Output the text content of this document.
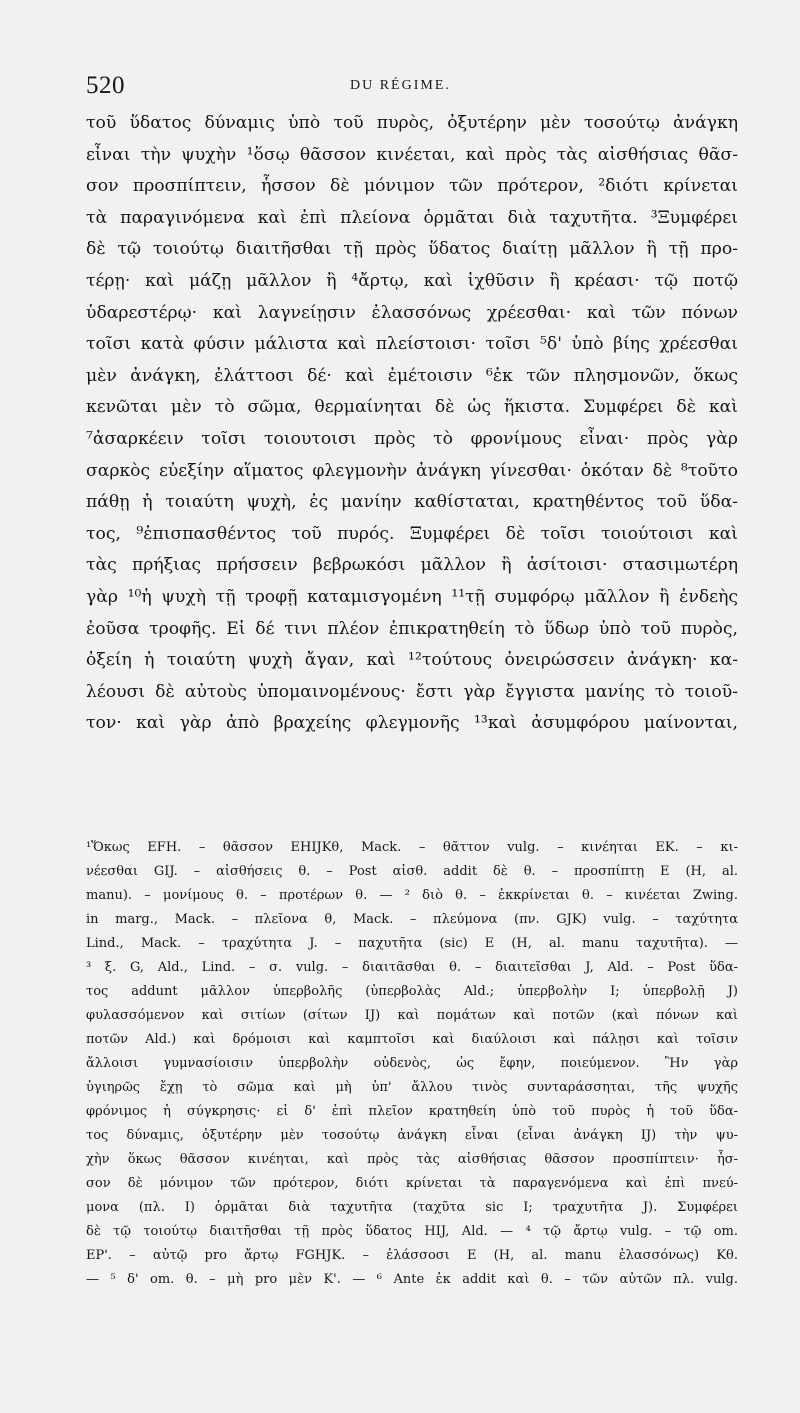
520	DU RÉGIME.
τοῦ ὕδατος δύναμις ὑπὸ τοῦ πυρὸς, ὀξυτέρην μὲν τοσούτῳ ἀνάγκη
εἶναι τὴν ψυχὴν ¹ὅσῳ θᾶσσον κινέεται, καὶ πρὸς τὰς αἰσθήσιας θᾶσ-
σον προσπίπτειν, ἧσσον δὲ μόνιμον τῶν πρότερον, ²διότι κρίνεται
τὰ παραγινόμενα καὶ ἐπὶ πλείονα ὁρμᾶται διὰ ταχυτῆτα. ³Ξυμφέρει
δὲ τῷ τοιούτῳ διαιτῆσθαι τῇ πρὸς ὕδατος διαίτῃ μᾶλλον ἢ τῇ προ-
τέρῃ· καὶ μάζῃ μᾶλλον ἢ ⁴ἄρτῳ, καὶ ἰχθῦσιν ἢ κρέασι· τῷ ποτῷ
ὑδαρεστέρῳ· καὶ λαγνείῃσιν ἐλασσόνως χρέεσθαι· καὶ τῶν πόνων
τοῖσι κατὰ φύσιν μάλιστα καὶ πλείστοισι· τοῖσι ⁵δ' ὑπὸ βίης χρέεσθαι
μὲν ἀνάγκη, ἐλάττοσι δέ· καὶ ἐμέτοισιν ⁶ἐκ τῶν πλησμονῶν, ὅκως
κενῶται μὲν τὸ σῶμα, θερμαίνηται δὲ ὡς ἥκιστα. Συμφέρει δὲ καὶ
⁷ἀσαρκέειν τοῖσι τοιουτοισι πρὸς τὸ φρονίμους εἶναι· πρὸς γὰρ
σαρκὸς εὐεξίην αἵματος φλεγμονὴν ἀνάγκη γίνεσθαι· ὁκόταν δὲ ⁸τοῦτο
πάθῃ ἡ τοιαύτη ψυχὴ, ἐς μανίην καθίσταται, κρατηθέντος τοῦ ὕδα-
τος, ⁹ἐπισπασθέντος τοῦ πυρός. Ξυμφέρει δὲ τοῖσι τοιούτοισι καὶ
τὰς πρήξιας πρήσσειν βεβρωκόσι μᾶλλον ἢ ἀσίτοισι· στασιμωτέρη
γὰρ ¹⁰ἡ ψυχὴ τῇ τροφῇ καταμισγομένη ¹¹τῇ συμφόρῳ μᾶλλον ἢ ἐνδεὴς
ἐοῦσα τροφῆς. Εἰ δέ τινι πλέον ἐπικρατηθείη τὸ ὕδωρ ὑπὸ τοῦ πυρὸς,
ὀξείη ἡ τοιαύτη ψυχὴ ἄγαν, καὶ ¹²τούτους ὀνειρώσσειν ἀνάγκη· κα-
λέουσι δὲ αὐτοὺς ὑπομαινομένους· ἔστι γὰρ ἔγγιστα μανίης τὸ τοιοῦ-
τον· καὶ γὰρ ἀπὸ βραχείης φλεγμονῆς ¹³καὶ ἀσυμφόρου μαίνονται,
¹Ὅκως EFH. – θᾶσσον EHIJKθ, Mack. – θᾶττον vulg. – κινέηται EK. – κι-
νέεσθαι GIJ. – αἰσθήσεις θ. – Post αἰσθ. addit δὲ θ. – προσπίπτῃ E (H, al.
manu). – μονίμους θ. – προτέρων θ. — ² διὸ θ. – ἐκκρίνεται θ. – κινέεται Zwing.
in marg., Mack. – πλεῖονα θ, Mack. – πλεύμονα (πν. GJK) vulg. – ταχύτητα
Lind., Mack. – τραχύτητα J. – παχυτῆτα (sic) E (H, al. manu ταχυτῆτα). —
³ ξ. G, Ald., Lind. – σ. vulg. – διαιτᾶσθαι θ. – διαιτεῖσθαι J, Ald. – Post ὕδα-
τος addunt μᾶλλον ὑπερβολῆς (ὑπερβολὰς Ald.; ὑπερβολὴν I; ὑπερβολῇ J)
φυλασσόμενον καὶ σιτίων (σίτων IJ) καὶ πομάτων καὶ ποτῶν (καὶ πόνων καὶ
ποτῶν Ald.) καὶ δρόμοισι καὶ καμπτοῖσι καὶ διαύλοισι καὶ πάλῃσι καὶ τοῖσιν
ἄλλοισι γυμνασίοισιν ὑπερβολὴν οὐδενὸς, ὡς ἔφην, ποιεύμενον. Ἢν γὰρ
ὑγιηρῶς ἔχῃ τὸ σῶμα καὶ μὴ ὑπ' ἄλλου τινὸς συνταράσσηται, τῆς ψυχῆς
φρόνιμος ἡ σύγκρησις· εἰ δ' ἐπὶ πλεῖον κρατηθείη ὑπὸ τοῦ πυρὸς ἡ τοῦ ὕδα-
τος δύναμις, ὀξυτέρην μὲν τοσούτῳ ἀνάγκη εἶναι (εἶναι ἀνάγκη IJ) τὴν ψυ-
χὴν ὅκως θᾶσσον κινέηται, καὶ πρὸς τὰς αἰσθήσιας θᾶσσον προσπίπτειν· ἧσ-
σον δὲ μόνιμον τῶν πρότερον, διότι κρίνεται τὰ παραγενόμενα καὶ ἐπὶ πνεύ-
μονα (πλ. I) ὁρμᾶται διὰ ταχυτῆτα (ταχῦτα sic I; τραχυτῆτα J). Συμφέρει
δὲ τῷ τοιούτῳ διαιτῆσθαι τῇ πρὸς ὕδατος HIJ, Ald. — ⁴ τῷ ἄρτῳ vulg. – τῷ om.
EP'. – αὐτῷ pro ἄρτῳ FGHJK. – ἐλάσσοσι E (H, al. manu ἐλασσόνως) Kθ.
— ⁵ δ' om. θ. – μὴ pro μὲν K'. — ⁶ Ante ἐκ addit καὶ θ. – τῶν αὐτῶν πλ. vulg.
